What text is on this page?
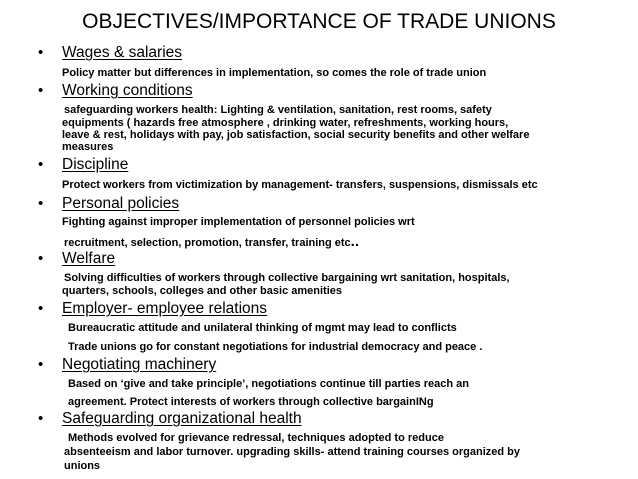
OBJECTIVES/IMPORTANCE OF TRADE UNIONS
• Wages & salaries
Policy matter but differences in implementation, so comes the role of trade union
• Working conditions
safeguarding workers health: Lighting & ventilation, sanitation, rest rooms, safety
equipments ( hazards free atmosphere , drinking water, refreshments, working hours,
leave & rest, holidays with pay, job satisfaction, social security benefits and other welfare
measures
• Discipline
Protect workers from victimization by management- transfers, suspensions, dismissals etc
• Personal policies
Fighting against improper implementation of personnel policies wrt
recruitment, selection, promotion, transfer, training etc..
• Welfare
Solving difficulties of workers through collective bargaining wrt sanitation, hospitals,
quarters, schools, colleges and other basic amenities
• Employer- employee relations
Bureaucratic attitude and unilateral thinking of mgmt may lead to conflicts
Trade unions go for constant negotiations for industrial democracy and peace .
• Negotiating machinery
Based on ‘give and take principle’, negotiations continue till parties reach an
agreement. Protect interests of workers through collective bargainINg
• Safeguarding organizational health
Methods evolved for grievance redressal, techniques adopted to reduce
absenteeism and labor turnover. upgrading skills- attend training courses organized by
unions
